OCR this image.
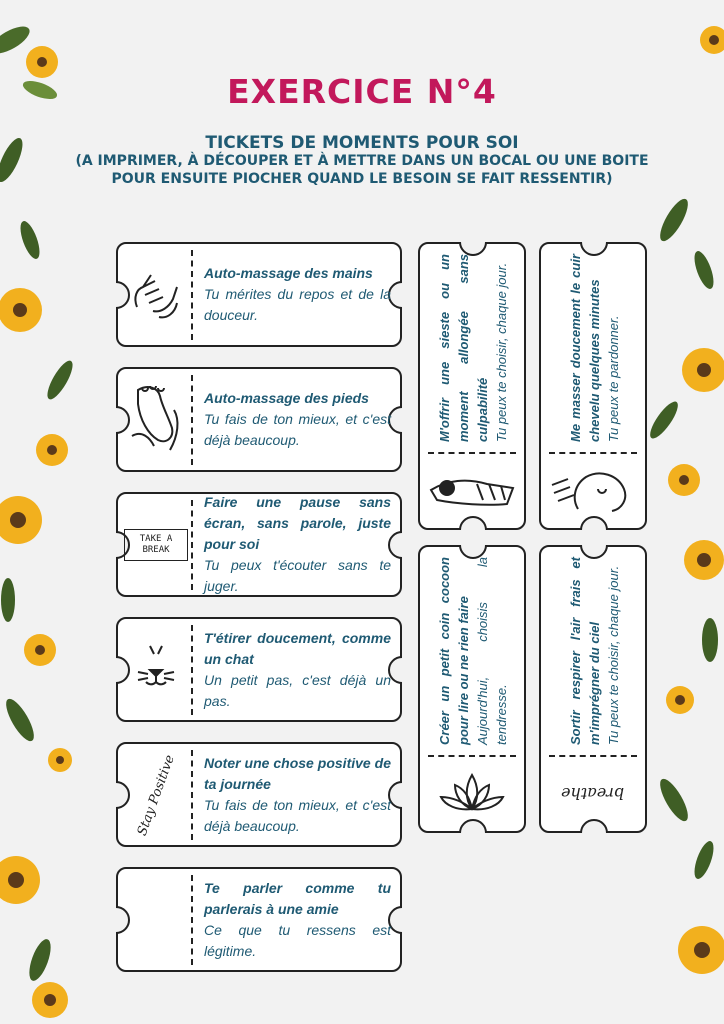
EXERCICE N°4
TICKETS DE MOMENTS POUR SOI
(A IMPRIMER, À DÉCOUPER ET À METTRE DANS UN BOCAL OU UNE BOITE POUR ENSUITE PIOCHER QUAND LE BESOIN SE FAIT RESSENTIR)
Auto-massage des mains
Tu mérites du repos et de la douceur.
Auto-massage des pieds
Tu fais de ton mieux, et c'est déjà beaucoup.
TAKE A BREAK
Faire une pause sans écran, sans parole, juste pour soi
Tu peux t'écouter sans te juger.
T'étirer doucement, comme un chat
Un petit pas, c'est déjà un pas.
Stay Positive Noter une chose positive de ta journée
Tu fais de ton mieux, et c'est déjà beaucoup.
Te parler comme tu parlerais à une amie
Ce que tu ressens est légitime.
M'offrir une sieste ou un moment allongée sans culpabilité Tu peux te choisir, chaque jour.	Me masser doucement le cuir chevelu quelques minutes Tu peux te pardonner.
Créer un petit coin cocoon pour lire ou ne rien faire Aujourd'hui, choisis la tendresse.	Sortir respirer l'air frais et m'imprégner du ciel Tu peux te choisir, chaque jour.
breathe
